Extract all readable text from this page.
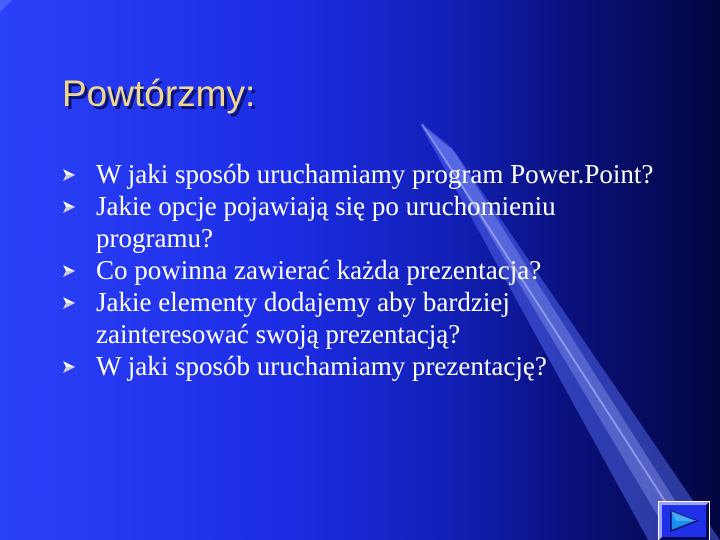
Powtórzmy:
W jaki sposób uruchamiamy program Power.Point?
Jakie opcje pojawiają się po uruchomieniu programu?
Co powinna zawierać każda prezentacja?
Jakie elementy dodajemy aby bardziej zainteresować swoją prezentacją?
W jaki sposób uruchamiamy prezentację?
